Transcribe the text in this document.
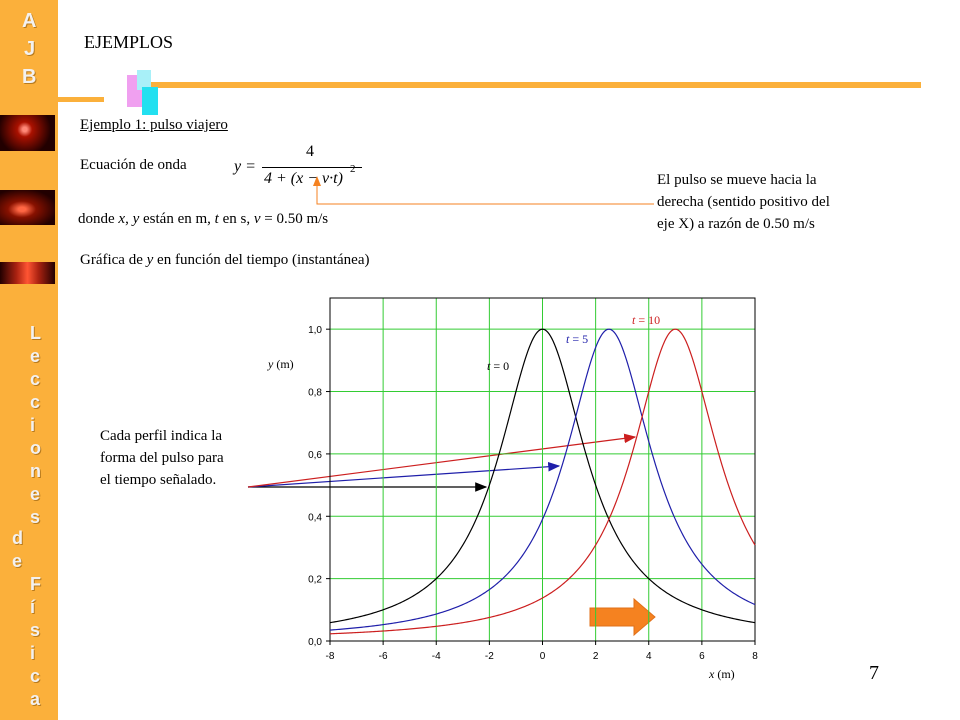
A
J
B
L
e
c
c
i
o
n
e
s
d
e
F
í
s
i
c
a
EJEMPLOS
Ejemplo 1: pulso viajero
Ecuación de onda	y =
4
4 + (x − v·t)
2
donde x, y están en m, t en s, v = 0.50 m/s
Gráfica de y en función del tiempo (instantánea)
El pulso se mueve hacia la
derecha (sentido positivo del
eje X) a razón de 0.50 m/s
Cada perfil indica la
forma del pulso para
el tiempo señalado.
7
-8	-6	-4	-2	0	2	4	6	8
0,0
0,2
0,4
0,6
0,8
1,0
y (m)
x (m)
t = 0
t = 5
t = 10
